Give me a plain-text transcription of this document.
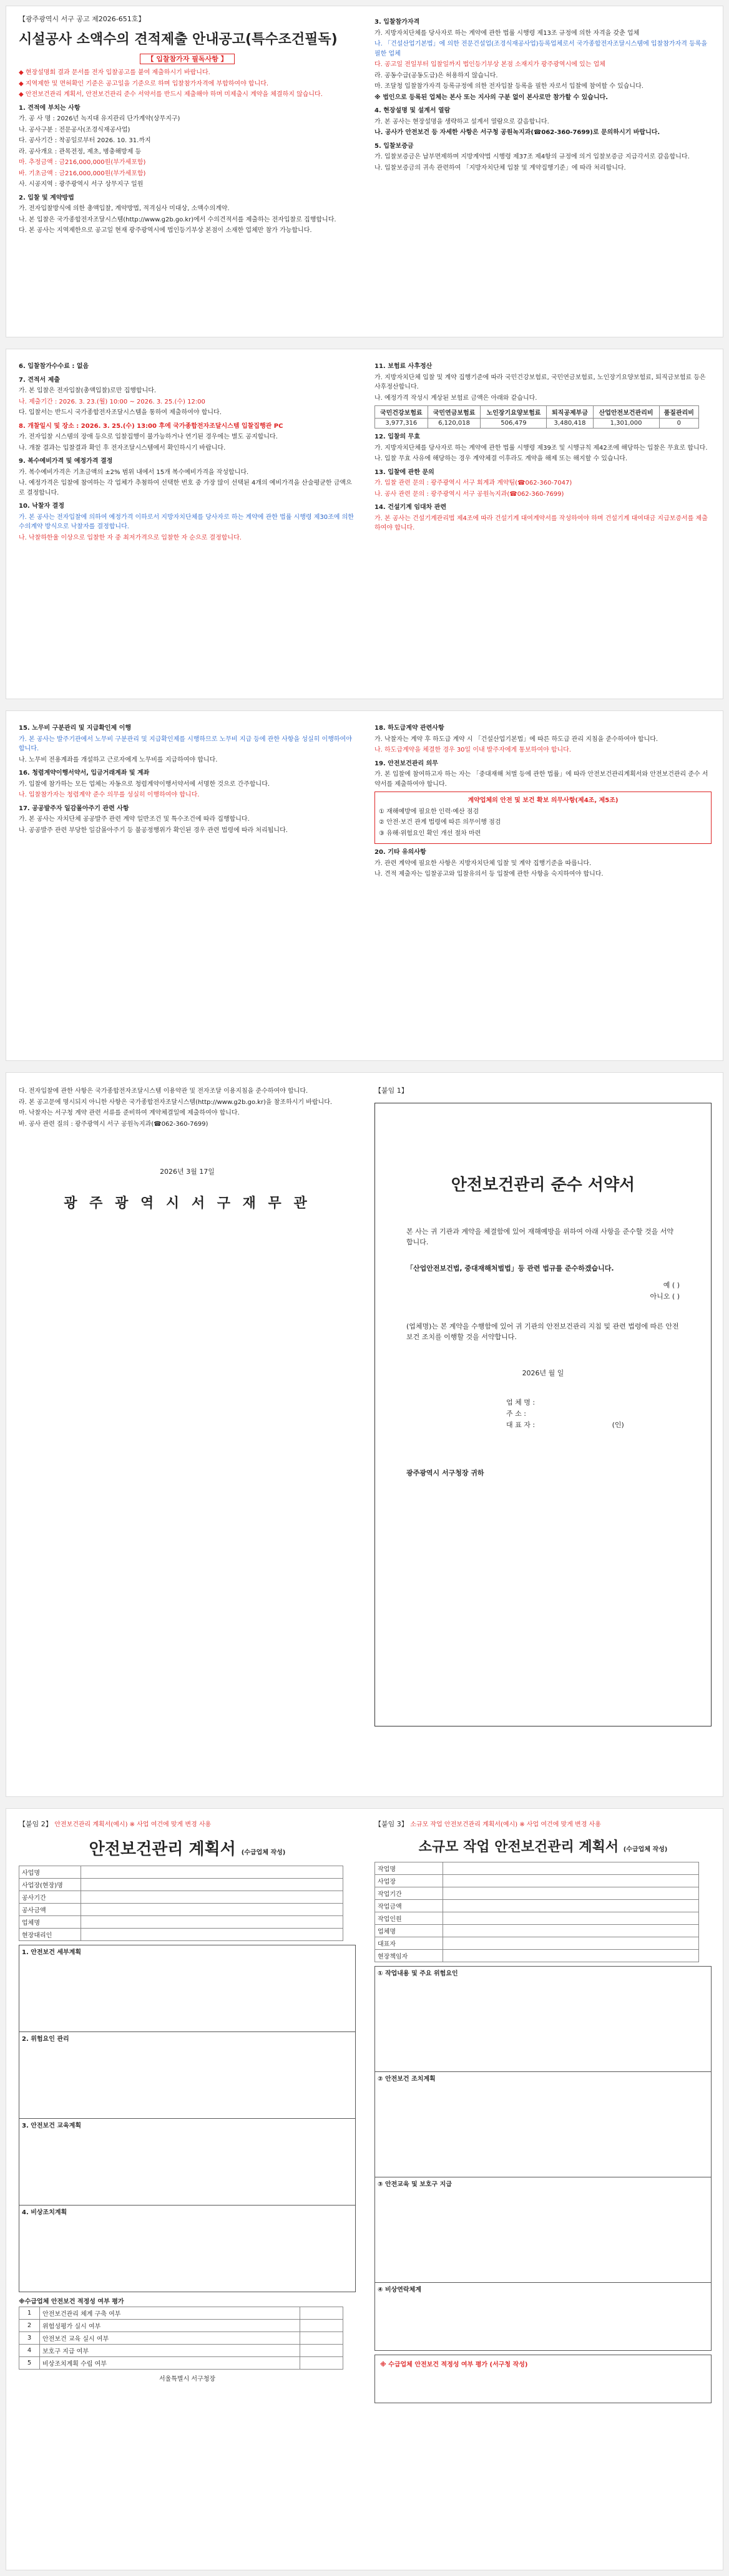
【광주광역시 서구 공고 제2026-651호】
시설공사 소액수의 견적제출 안내공고(특수조건필독)
【 입찰참가자 필독사항 】

◆ 현장설명회 결과 문서를 전자 입찰공고를 붙여 제출하시기 바랍니다.

◆ 지역제한 및 면허확인 기준은 공고일을 기준으로 하며 입찰참가자격에 부합하여야 합니다.

◆ 안전보건관리 계획서, 안전보건관리 준수 서약서를 반드시 제출해야 하며 미제출시 계약을 체결하지 않습니다.

1. 견적에 부치는 사항

가. 공 사 명 : 2026년 녹지대 유지관리 단가계약(상무지구)

나. 공사구분 : 전문공사(조경식재공사업)

다. 공사기간 : 착공일로부터 2026. 10. 31.까지

라. 공사개요 : 관목전정, 제초, 병충해방제 등

마. 추정금액 : 금216,000,000원(부가세포함)

바. 기초금액 : 금216,000,000원(부가세포함)

사. 시공지역 : 광주광역시 서구 상무지구 일원

2. 입찰 및 계약방법

가. 전자입찰방식에 의한 총액입찰, 계약방법, 적격심사 미대상, 소액수의계약.

나. 본 입찰은 국가종합전자조달시스템(http://www.g2b.go.kr)에서 수의견적서를 제출하는 전자입찰로 집행합니다.

다. 본 공사는 지역제한으로 공고일 현재 광주광역시에 법인등기부상 본점이 소재한 업체만 참가 가능합니다.

3. 입찰참가자격

가. 지방자치단체를 당사자로 하는 계약에 관한 법률 시행령 제13조 규정에 의한 자격을 갖춘 업체

나. 「건설산업기본법」에 의한 전문건설업(조경식재공사업)등록업체로서 국가종합전자조달시스템에 입찰참가자격 등록을 필한 업체

다. 공고일 전일부터 입찰일까지 법인등기부상 본점 소재지가 광주광역시에 있는 업체

라. 공동수급(공동도급)은 허용하지 않습니다.

마. 조달청 입찰참가자격 등록규정에 의한 전자입찰 등록을 필한 자로서 입찰에 참여할 수 있습니다.

※ 법인으로 등록된 업체는 본사 또는 지사의 구분 없이 본사로만 참가할 수 있습니다.

4. 현장설명 및 설계서 열람

가. 본 공사는 현장설명을 생략하고 설계서 열람으로 갈음합니다.

나. 공사가 안전보건 등 자세한 사항은 서구청 공원녹지과(☎062-360-7699)로 문의하시기 바랍니다.

5. 입찰보증금

가. 입찰보증금은 납부면제하며 지방계약법 시행령 제37조 제4항의 규정에 의거 입찰보증금 지급각서로 갈음합니다.

나. 입찰보증금의 귀속 관련하여 「지방자치단체 입찰 및 계약집행기준」에 따라 처리합니다.

6. 입찰참가수수료 : 없음
7. 견적서 제출

가. 본 입찰은 전자입찰(총액입찰)로만 집행합니다.

나. 제출기간 : 2026. 3. 23.(월) 10:00 ~ 2026. 3. 25.(수) 12:00

다. 입찰서는 반드시 국가종합전자조달시스템을 통하여 제출하여야 합니다.

8. 개찰일시 및 장소 : 2026. 3. 25.(수) 13:00 후에 국가종합전자조달시스템 입찰집행관 PC

가. 전자입찰 시스템의 장애 등으로 입찰집행이 불가능하거나 연기된 경우에는 별도 공지합니다.

나. 개찰 결과는 입찰결과 확인 후 전자조달시스템에서 확인하시기 바랍니다.

9. 복수예비가격 및 예정가격 결정

가. 복수예비가격은 기초금액의 ±2% 범위 내에서 15개 복수예비가격을 작성합니다.

나. 예정가격은 입찰에 참여하는 각 업체가 추첨하여 선택한 번호 중 가장 많이 선택된 4개의 예비가격을 산술평균한 금액으로 결정합니다.

10. 낙찰자 결정

가. 본 공사는 전자입찰에 의하여 예정가격 이하로서 지방자치단체를 당사자로 하는 계약에 관한 법률 시행령 제30조에 의한 수의계약 방식으로 낙찰자를 결정합니다.

나. 낙찰하한율 이상으로 입찰한 자 중 최저가격으로 입찰한 자 순으로 결정합니다.

11. 보험료 사후정산

가. 지방자치단체 입찰 및 계약 집행기준에 따라 국민건강보험료, 국민연금보험료, 노인장기요양보험료, 퇴직금보험료 등은 사후정산합니다.

나. 예정가격 작성시 계상된 보험료 금액은 아래와 같습니다.

국민건강보험료	국민연금보험료	노인장기요양보험료	퇴직공제부금	산업안전보건관리비	품질관리비
3,977,316	6,120,018	506,479	3,480,418	1,301,000	0
12. 입찰의 무효

가. 지방자치단체를 당사자로 하는 계약에 관한 법률 시행령 제39조 및 시행규칙 제42조에 해당하는 입찰은 무효로 합니다.

나. 입찰 무효 사유에 해당하는 경우 계약체결 이후라도 계약을 해제 또는 해지할 수 있습니다.

13. 입찰에 관한 문의

가. 입찰 관련 문의 : 광주광역시 서구 회계과 계약팀(☎062-360-7047)

나. 공사 관련 문의 : 광주광역시 서구 공원녹지과(☎062-360-7699)

14. 건설기계 임대차 관련

가. 본 공사는 건설기계관리법 제4조에 따라 건설기계 대여계약서를 작성하여야 하며 건설기계 대여대금 지급보증서를 제출하여야 합니다.

15. 노무비 구분관리 및 지급확인제 이행

가. 본 공사는 발주기관에서 노무비 구분관리 및 지급확인제를 시행하므로 노무비 지급 등에 관한 사항을 성실히 이행하여야 합니다.

나. 노무비 전용계좌를 개설하고 근로자에게 노무비를 지급하여야 합니다.

16. 청렴계약이행서약서, 입금거래계좌 및 계좌

가. 입찰에 참가하는 모든 업체는 자동으로 청렴계약이행서약서에 서명한 것으로 간주합니다.

나. 입찰참가자는 청렴계약 준수 의무를 성실히 이행하여야 합니다.

17. 공공발주자 일감몰아주기 관련 사항

가. 본 공사는 자치단체 공공발주 관련 계약 일반조건 및 특수조건에 따라 집행합니다.

나. 공공발주 관련 부당한 일감몰아주기 등 불공정행위가 확인된 경우 관련 법령에 따라 처리됩니다.

18. 하도급계약 관련사항

가. 낙찰자는 계약 후 하도급 계약 시 「건설산업기본법」에 따른 하도급 관리 지침을 준수하여야 합니다.

나. 하도급계약을 체결한 경우 30일 이내 발주자에게 통보하여야 합니다.

19. 안전보건관리 의무

가. 본 입찰에 참여하고자 하는 자는 「중대재해 처벌 등에 관한 법률」에 따라 안전보건관리계획서와 안전보건관리 준수 서약서를 제출하여야 합니다.

계약업체의 안전 및 보건 확보 의무사항(제4조, 제5조)

① 재해예방에 필요한 인력·예산 점검

② 안전·보건 관계 법령에 따른 의무이행 점검

③ 유해·위험요인 확인 개선 절차 마련

20. 기타 유의사항

가. 관련 계약에 필요한 사항은 지방자치단체 입찰 및 계약 집행기준을 따릅니다.

나. 견적 제출자는 입찰공고와 입찰유의서 등 입찰에 관한 사항을 숙지하여야 합니다.

다. 전자입찰에 관한 사항은 국가종합전자조달시스템 이용약관 및 전자조달 이용지침을 준수하여야 합니다.

라. 본 공고문에 명시되지 아니한 사항은 국가종합전자조달시스템(http://www.g2b.go.kr)을 참조하시기 바랍니다.

마. 낙찰자는 서구청 계약 관련 서류를 준비하여 계약체결일에 제출하여야 합니다.

바. 공사 관련 질의 : 광주광역시 서구 공원녹지과(☎062-360-7699)

2026년 3월 17일
광 주 광 역 시 서 구 재 무 관
【붙임 1】
안전보건관리 준수 서약서
본 사는 귀 기관과 계약을 체결함에 있어 재해예방을 위하여 아래 사항을 준수할 것을 서약합니다.
「산업안전보건법, 중대재해처벌법」등 관련 법규를 준수하겠습니다.
예 ( )
아니오 ( )
(업체명)는 본 계약을 수행함에 있어 귀 기관의 안전보건관리 지침 및 관련 법령에 따른 안전보건 조치를 이행할 것을 서약합니다.
2026년 월 일
업 체 명 :
주 소 :
대 표 자 :	(인)
광주광역시 서구청장 귀하
【붙임 2】 안전보건관리 계획서(예시) ※ 사업 여건에 맞게 변경 사용
안전보건관리 계획서 (수급업체 작성)
사업명	
사업장(현장)명	
공사기간	
공사금액	
업체명	
현장대리인	
1. 안전보건 세부계획
2. 위험요인 관리
3. 안전보건 교육계획
4. 비상조치계획
※수급업체 안전보건 적정성 여부 평가
1	안전보건관리 체계 구축 여부	
2	위험성평가 실시 여부	
3	안전보건 교육 실시 여부	
4	보호구 지급 여부	
5	비상조치계획 수립 여부	
서울특별시 서구청장
【붙임 3】 소규모 작업 안전보건관리 계획서(예시) ※ 사업 여건에 맞게 변경 사용
소규모 작업 안전보건관리 계획서 (수급업체 작성)
작업명	
사업장	
작업기간	
작업금액	
작업인원	
업체명	
대표자	
현장책임자	
① 작업내용 및 주요 위험요인
② 안전보건 조치계획
③ 안전교육 및 보호구 지급
④ 비상연락체계
※ 수급업체 안전보건 적정성 여부 평가 (서구청 작성)
